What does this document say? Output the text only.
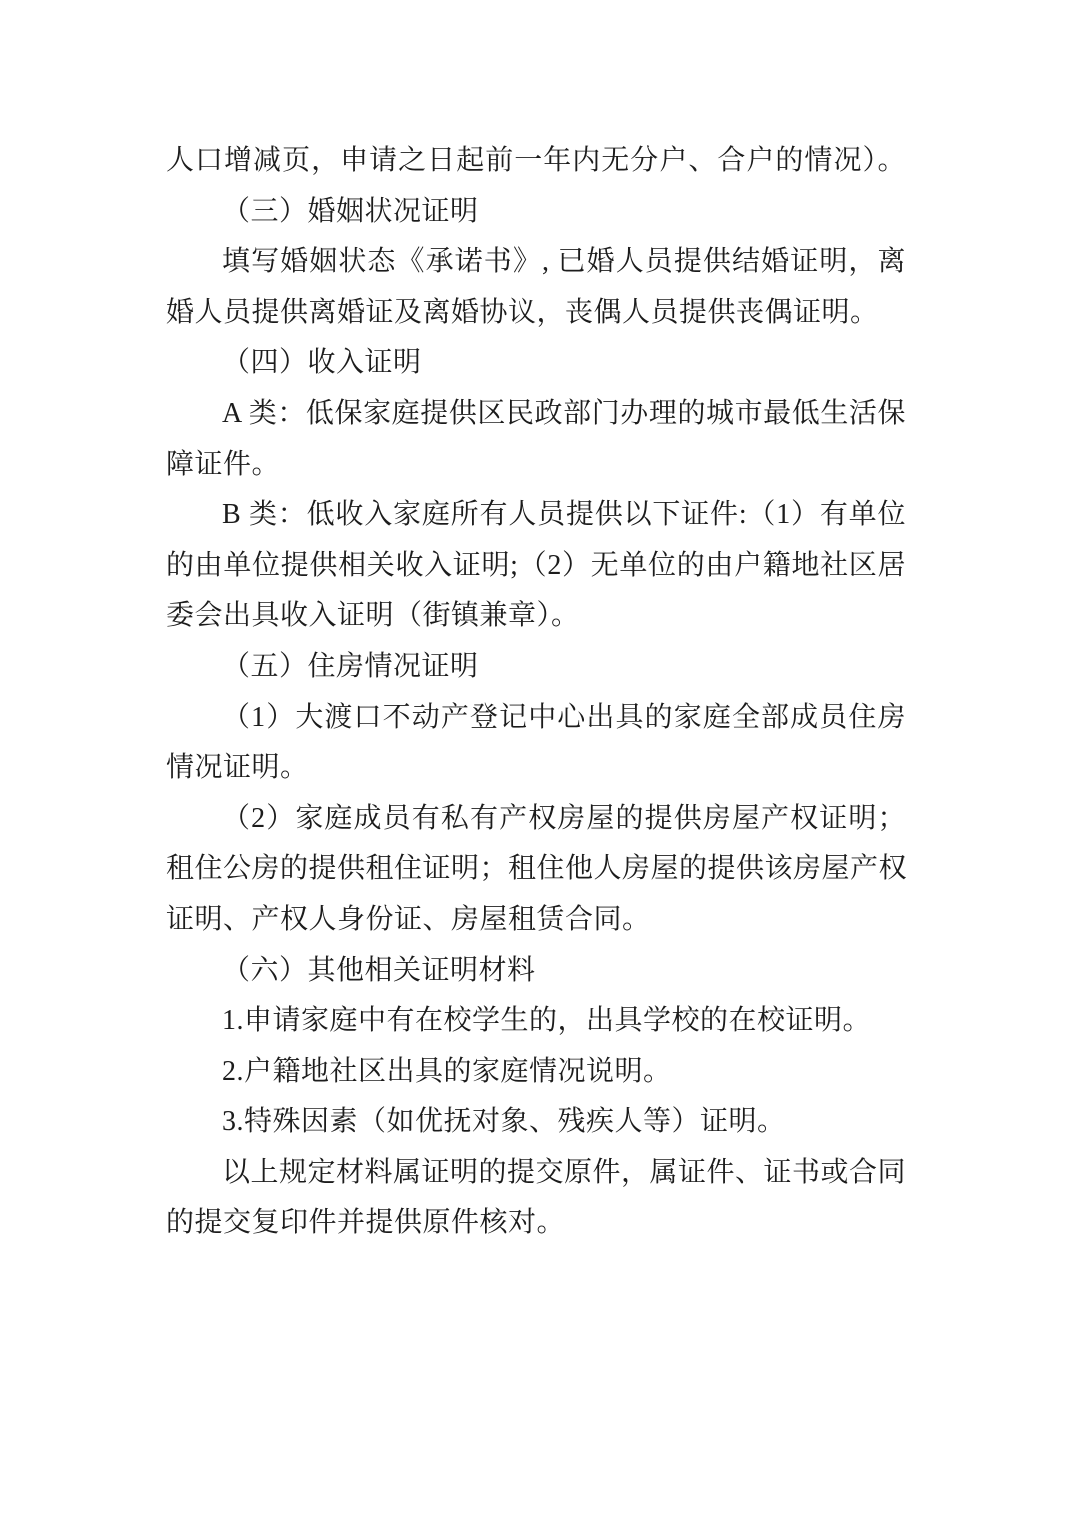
人口增减页，申请之日起前一年内无分户、合户的情况）。
（三）婚姻状况证明
填写婚姻状态《承诺书》, 已婚人员提供结婚证明，离
婚人员提供离婚证及离婚协议，丧偶人员提供丧偶证明。
（四）收入证明
A 类：低保家庭提供区民政部门办理的城市最低生活保
障证件。
B 类：低收入家庭所有人员提供以下证件:（1）有单位
的由单位提供相关收入证明;（2）无单位的由户籍地社区居
委会出具收入证明（街镇兼章）。
（五）住房情况证明
（1）大渡口不动产登记中心出具的家庭全部成员住房
情况证明。
（2）家庭成员有私有产权房屋的提供房屋产权证明；
租住公房的提供租住证明；租住他人房屋的提供该房屋产权
证明、产权人身份证、房屋租赁合同。
（六）其他相关证明材料
1.申请家庭中有在校学生的，出具学校的在校证明。
2.户籍地社区出具的家庭情况说明。
3.特殊因素（如优抚对象、残疾人等）证明。
以上规定材料属证明的提交原件，属证件、证书或合同
的提交复印件并提供原件核对。
